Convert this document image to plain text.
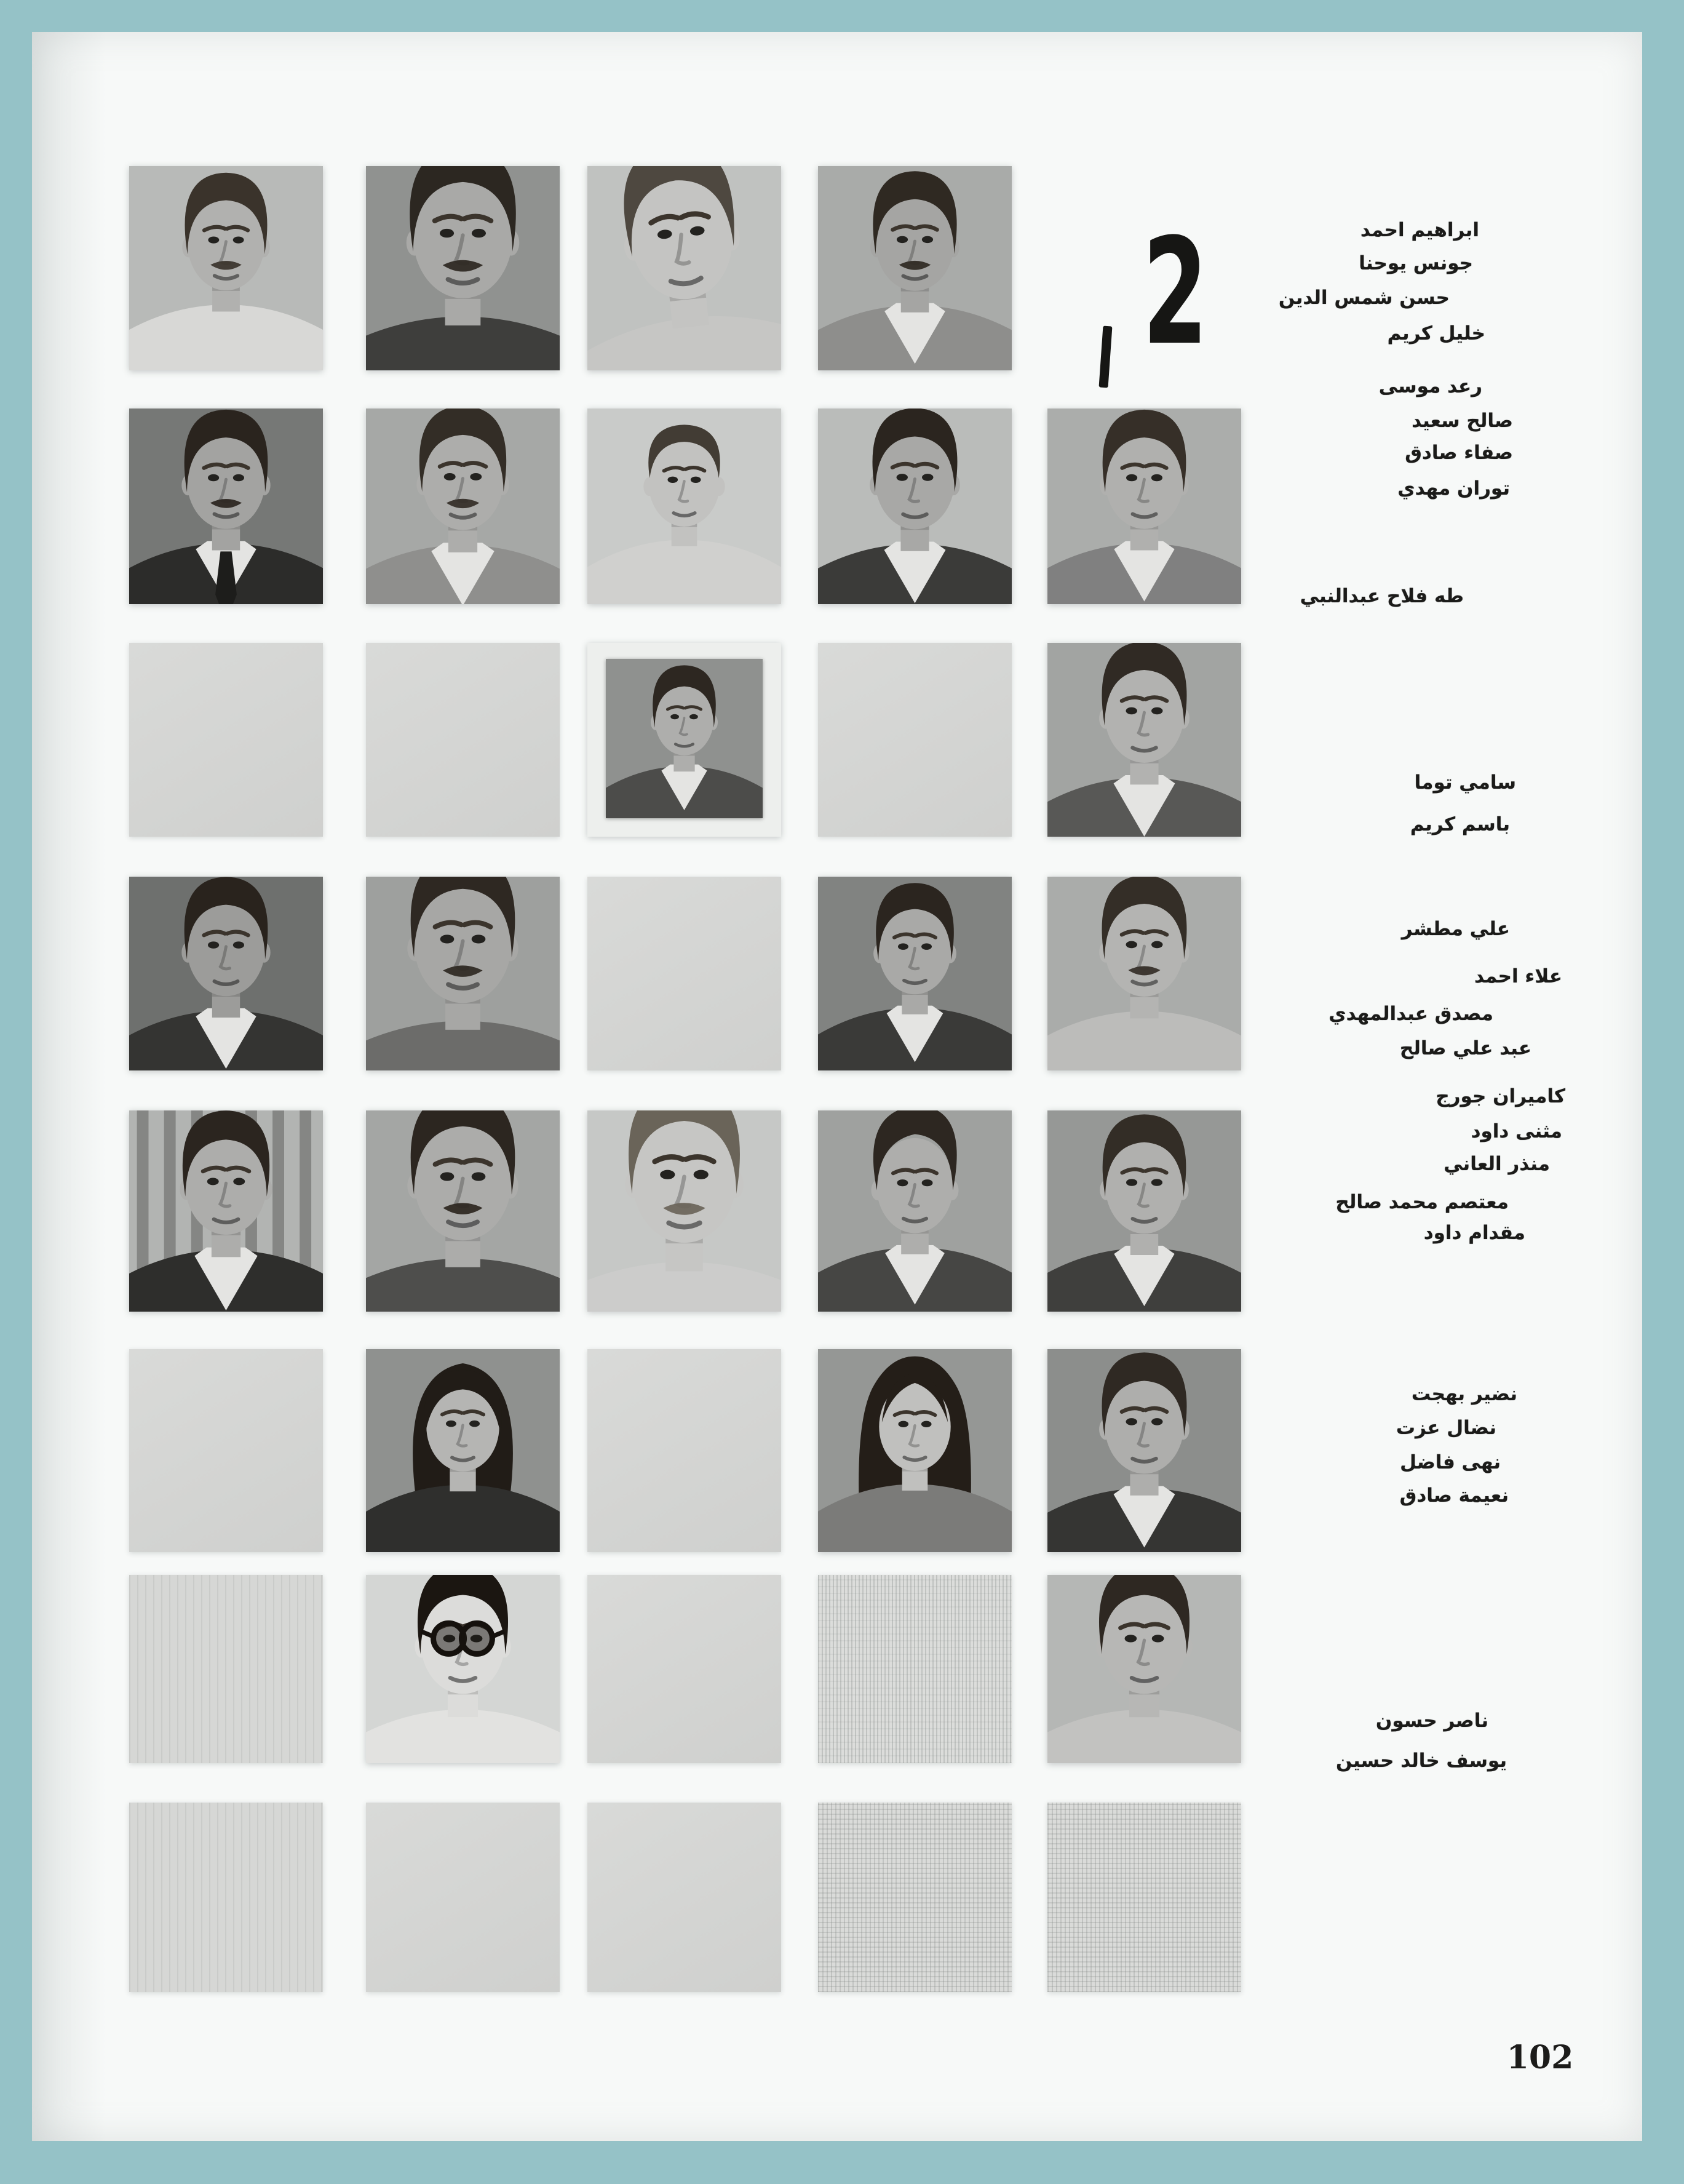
ابراهيم احمد
جونس يوحنا
حسن شمس الدين
خليل كريم
رعد موسى
صالح سعيد
صفاء صادق
توران مهدي
طه فلاح عبدالنبي
سامي توما
باسم كريم
علي مطشر
علاء احمد
مصدق عبدالمهدي
عبد علي صالح
كاميران جورج
مثنى داود
منذر العاني
معتصم محمد صالح
مقدام داود
نضير بهجت
نضال عزت
نهى فاضل
نعيمة صادق
ناصر حسون
يوسف خالد حسين
2
102
